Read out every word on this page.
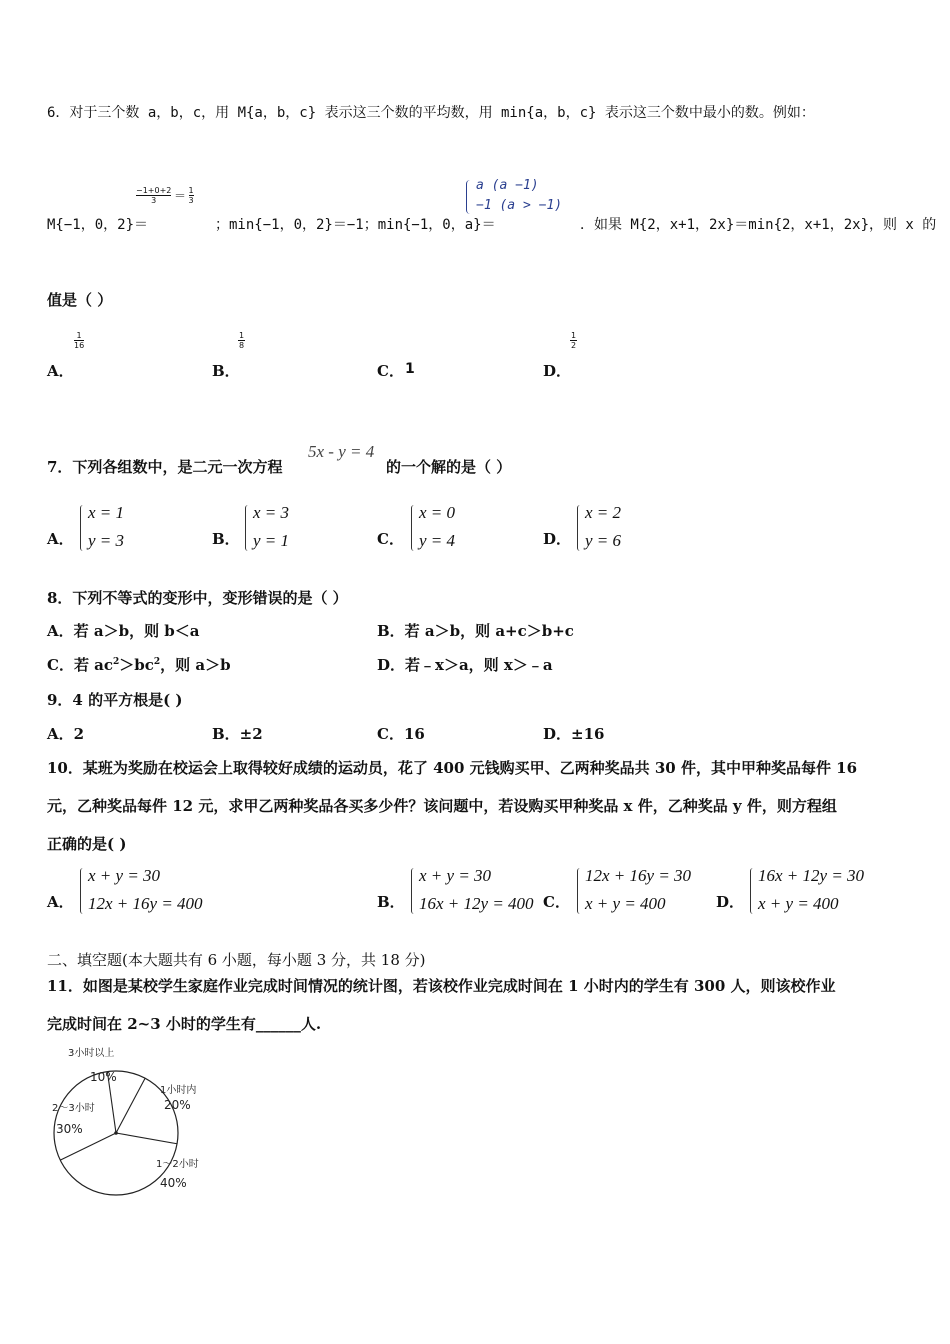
6．对于三个数 a，b，c，用 M{a，b，c} 表示这三个数的平均数，用 min{a，b，c} 表示这三个数中最小的数。例如：
M{−1，0，2}＝
$\frac{-1+0+2}{3} = \frac{1}{3}$
；min{−1，0，2}＝−1；min{−1，0，a}＝
a (a −1)
−1 (a > −1)
．如果 M{2，x+1，2x}＝min{2，x+1，2x}，则 x 的
值是（ ）
A．
$\frac{1}{16}$
B．
$\frac{1}{8}$
C． 1	D．
$\frac{1}{2}$
7．下列各组数中，是二元一次方程
5x - y = 4
的一个解的是（ ）
A．
x = 1
y = 3	B．
x = 3
y = 1	C．
x = 0
y = 4	D．
x = 2
y = 6
8．下列不等式的变形中，变形错误的是（ ）
A．若 a＞b，则 b＜a	B．若 a＞b，则 a+c＞b+c
C．若 $ac^2>bc^2$，则 a＞b	D．若﹣x＞a，则 x＞﹣a
9．4 的平方根是( )
A．2	B．±2	C．16	D．±16
10．某班为奖励在校运会上取得较好成绩的运动员，花了 400 元钱购买甲、乙两种奖品共 30 件，其中甲种奖品每件 16
元，乙种奖品每件 12 元，求甲乙两种奖品各买多少件？该问题中，若设购买甲种奖品 x 件，乙种奖品 y 件，则方程组
正确的是( )
A．
x + y = 30
12x + 16y = 400	B．
x + y = 30
16x + 12y = 400 C．
12x + 16y = 30
x + y = 400	D．
16x + 12y = 30
x + y = 400
二、填空题(本大题共有 6 小题，每小题 3 分，共 18 分)
11．如图是某校学生家庭作业完成时间情况的统计图，若该校作业完成时间在 1 小时内的学生有 300 人，则该校作业
完成时间在 2~3 小时的学生有______人.
3小时以上
10%
1小时内
20%
1～2小时
40%
2～3小时
30%
